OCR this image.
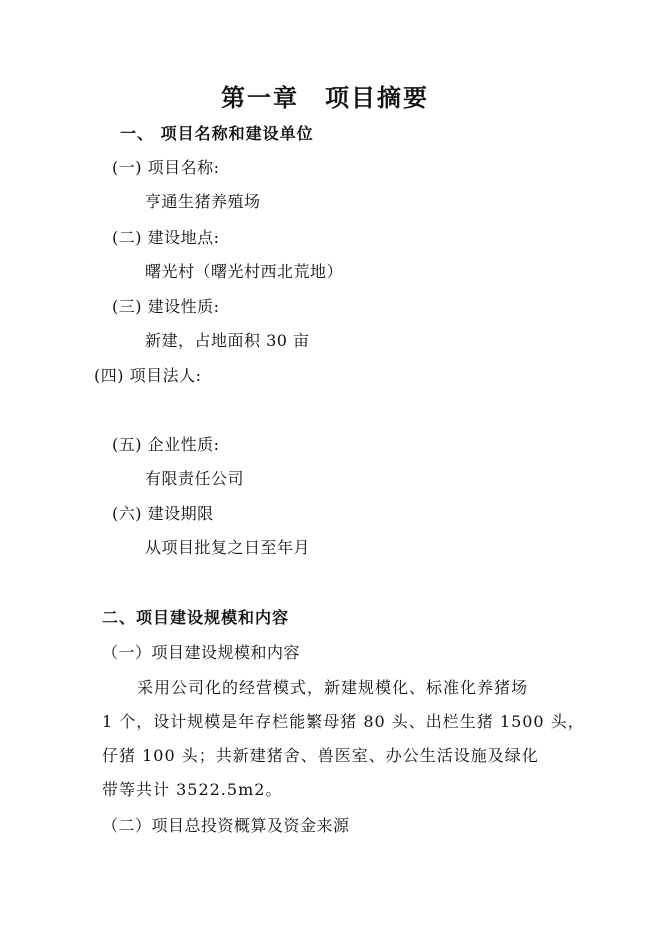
第一章　项目摘要
一、 项目名称和建设单位
(一) 项目名称:
亨通生猪养殖场
(二) 建设地点:
曙光村（曙光村西北荒地）
(三) 建设性质:
新建，占地面积 30 亩
(四) 项目法人:
(五) 企业性质:
有限责任公司
(六) 建设期限
从项目批复之日至年月
二、项目建设规模和内容
（一）项目建设规模和内容
采用公司化的经营模式，新建规模化、标准化养猪场
1 个，设计规模是年存栏能繁母猪 80 头、出栏生猪 1500 头，
仔猪 100 头；共新建猪舍、兽医室、办公生活设施及绿化
带等共计 3522.5m2。
（二）项目总投资概算及资金来源
